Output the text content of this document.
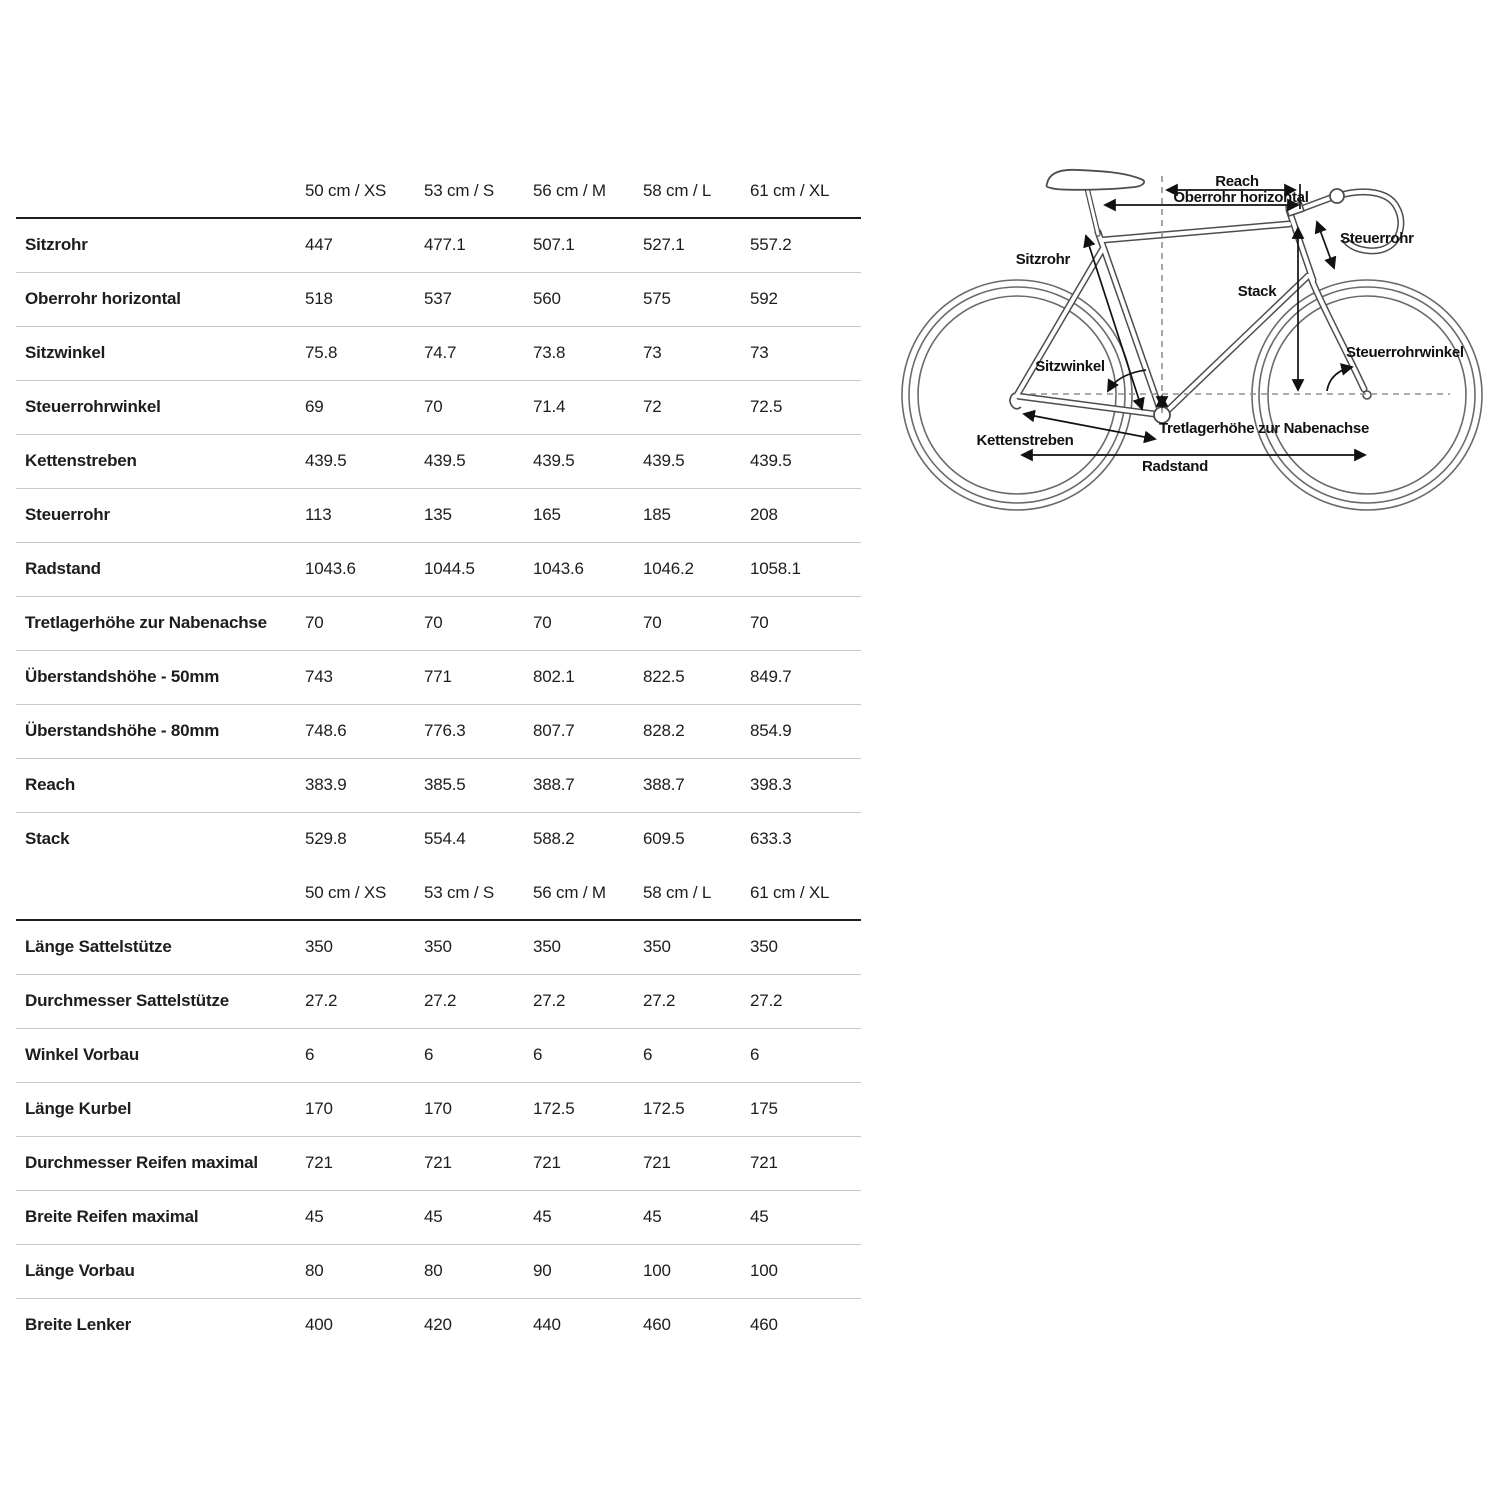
	50 cm / XS	53 cm / S	56 cm / M	58 cm / L	61 cm / XL
Sitzrohr	447	477.1	507.1	527.1	557.2
Oberrohr horizontal	518	537	560	575	592
Sitzwinkel	75.8	74.7	73.8	73	73
Steuerrohrwinkel	69	70	71.4	72	72.5
Kettenstreben	439.5	439.5	439.5	439.5	439.5
Steuerrohr	113	135	165	185	208
Radstand	1043.6	1044.5	1043.6	1046.2	1058.1
Tretlagerhöhe zur Nabenachse	70	70	70	70	70
Überstandshöhe - 50mm	743	771	802.1	822.5	849.7
Überstandshöhe - 80mm	748.6	776.3	807.7	828.2	854.9
Reach	383.9	385.5	388.7	388.7	398.3
Stack	529.8	554.4	588.2	609.5	633.3
	50 cm / XS	53 cm / S	56 cm / M	58 cm / L	61 cm / XL
Länge Sattelstütze	350	350	350	350	350
Durchmesser Sattelstütze	27.2	27.2	27.2	27.2	27.2
Winkel Vorbau	6	6	6	6	6
Länge Kurbel	170	170	172.5	172.5	175
Durchmesser Reifen maximal	721	721	721	721	721
Breite Reifen maximal	45	45	45	45	45
Länge Vorbau	80	80	90	100	100
Breite Lenker	400	420	440	460	460
Reach
Oberrohr horizontal
Steuerrohr
Sitzrohr
Stack
Sitzwinkel
Steuerrohrwinkel
Kettenstreben
Tretlagerhöhe zur Nabenachse
Radstand
